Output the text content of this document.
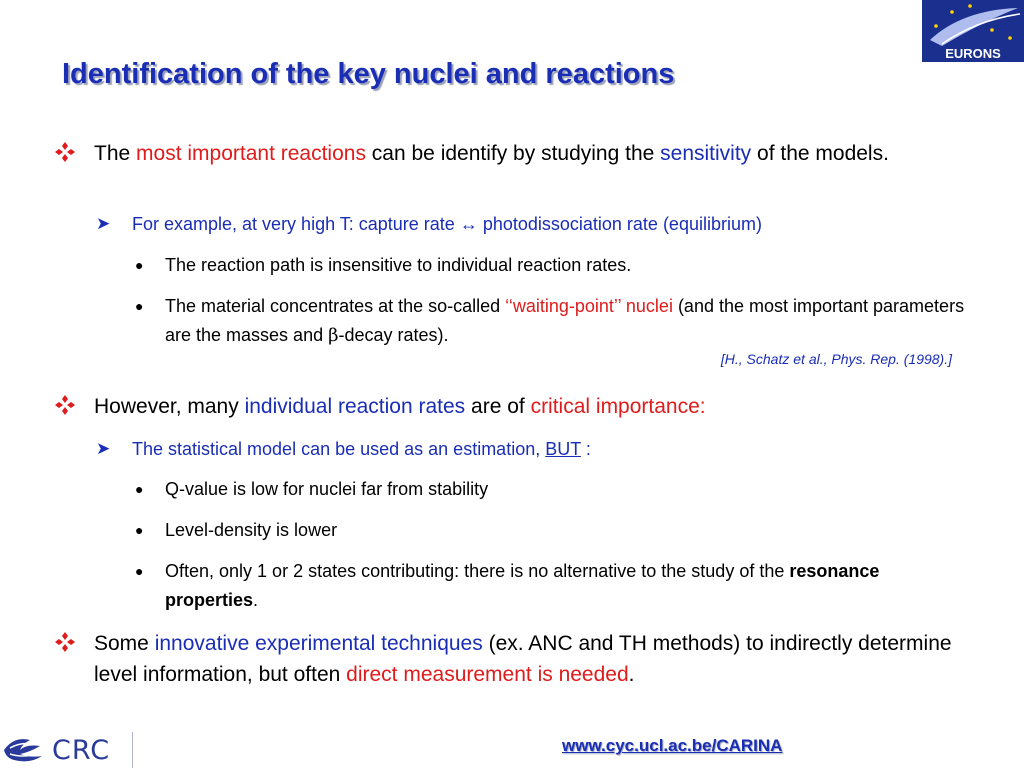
Identification of the key nuclei and reactions
EURONS
The most important reactions can be identify by studying the sensitivity of the models.
➤ For example, at very high T: capture rate ↔ photodissociation rate (equilibrium)
● The reaction path is insensitive to individual reaction rates.
● The material concentrates at the so-called ‘‘waiting-point’’ nuclei (and the most important parameters are the masses and β-decay rates).
[H., Schatz et al., Phys. Rep. (1998).]
However, many individual reaction rates are of critical importance:
➤ The statistical model can be used as an estimation, BUT :
● Q-value is low for nuclei far from stability
● Level-density is lower
● Often, only 1 or 2 states contributing: there is no alternative to the study of the resonance properties.
Some innovative experimental techniques (ex. ANC and TH methods) to indirectly determine level information, but often direct measurement is needed.
CRC	www.cyc.ucl.ac.be/CARINA
